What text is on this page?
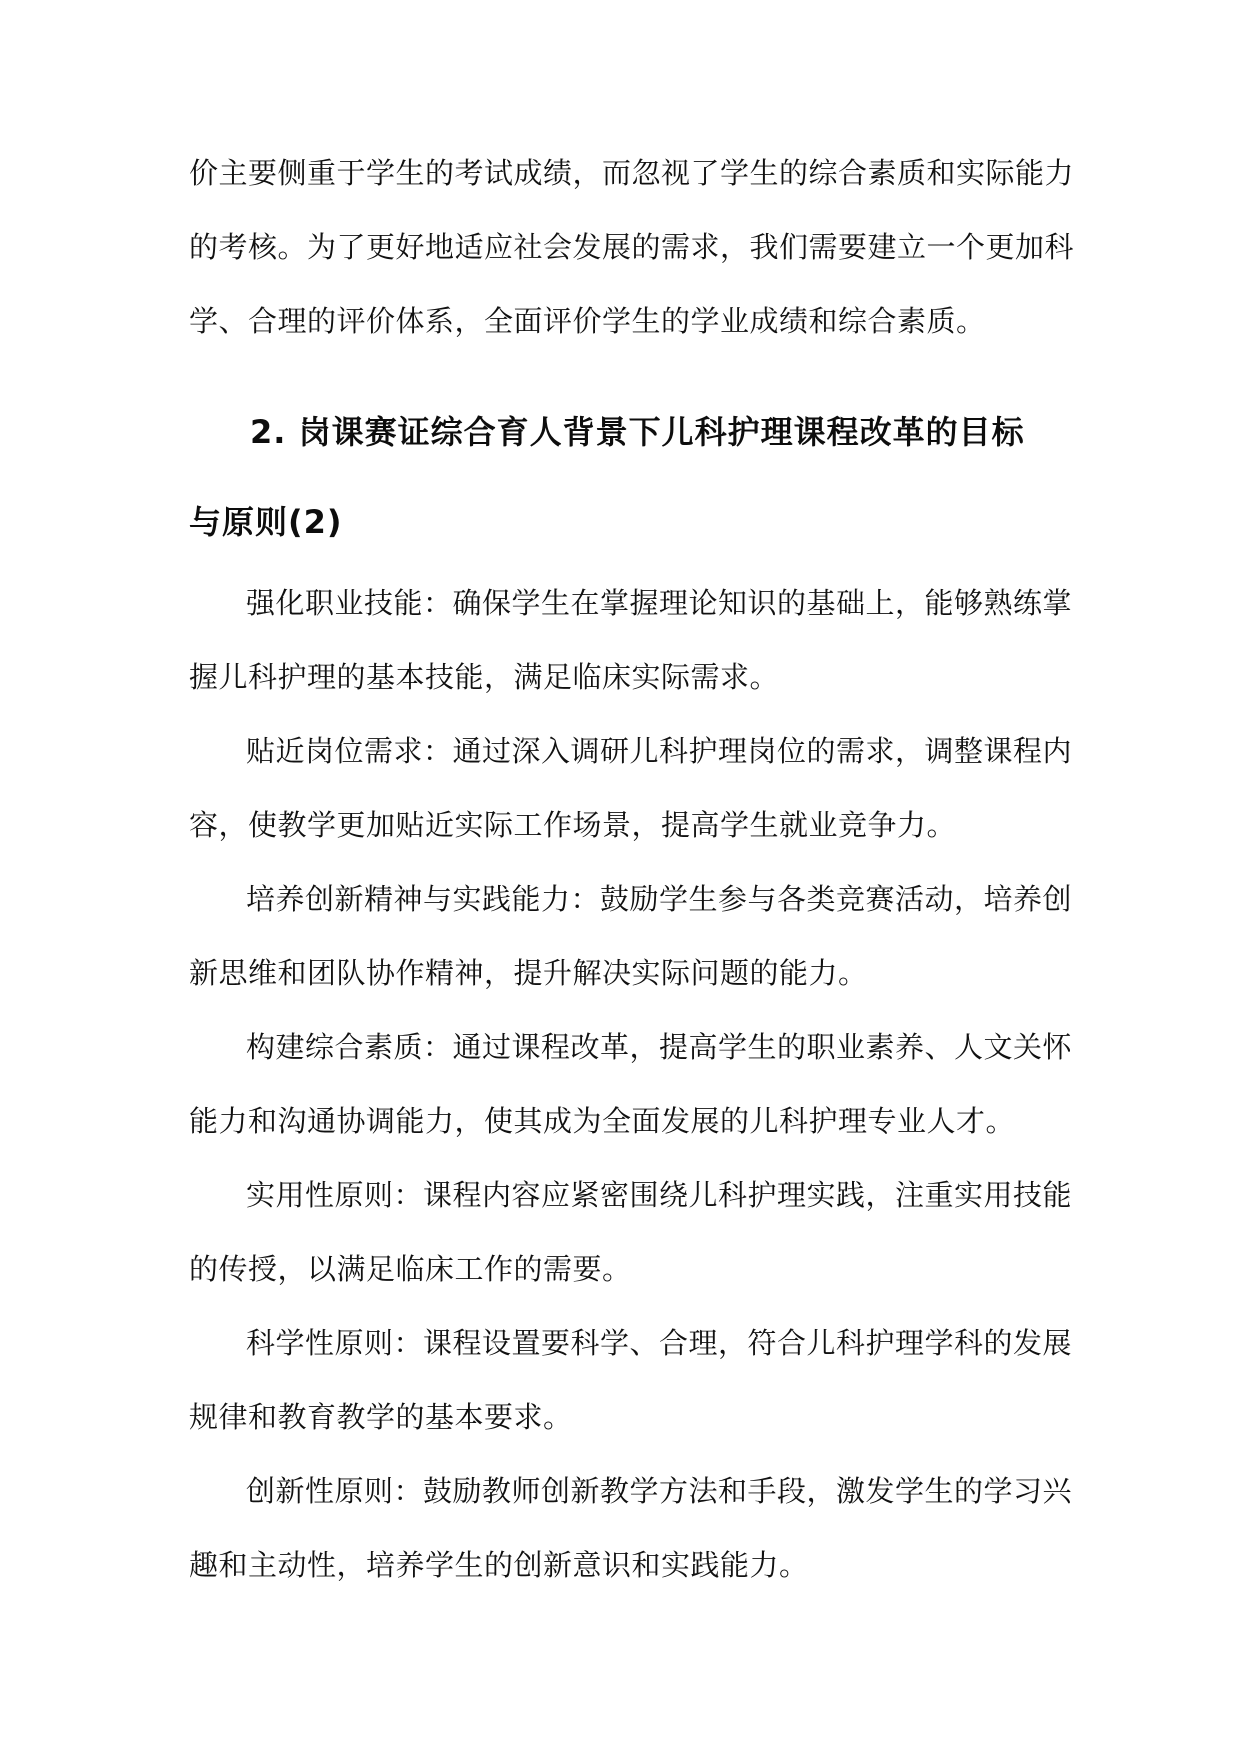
价主要侧重于学生的考试成绩，而忽视了学生的综合素质和实际能力
的考核。为了更好地适应社会发展的需求，我们需要建立一个更加科
学、合理的评价体系，全面评价学生的学业成绩和综合素质。
2. 岗课赛证综合育人背景下儿科护理课程改革的目标
与原则(2)
强化职业技能：确保学生在掌握理论知识的基础上，能够熟练掌
握儿科护理的基本技能，满足临床实际需求。
贴近岗位需求：通过深入调研儿科护理岗位的需求，调整课程内
容，使教学更加贴近实际工作场景，提高学生就业竞争力。
培养创新精神与实践能力：鼓励学生参与各类竞赛活动，培养创
新思维和团队协作精神，提升解决实际问题的能力。
构建综合素质：通过课程改革，提高学生的职业素养、人文关怀
能力和沟通协调能力，使其成为全面发展的儿科护理专业人才。
实用性原则：课程内容应紧密围绕儿科护理实践，注重实用技能
的传授，以满足临床工作的需要。
科学性原则：课程设置要科学、合理，符合儿科护理学科的发展
规律和教育教学的基本要求。
创新性原则：鼓励教师创新教学方法和手段，激发学生的学习兴
趣和主动性，培养学生的创新意识和实践能力。
